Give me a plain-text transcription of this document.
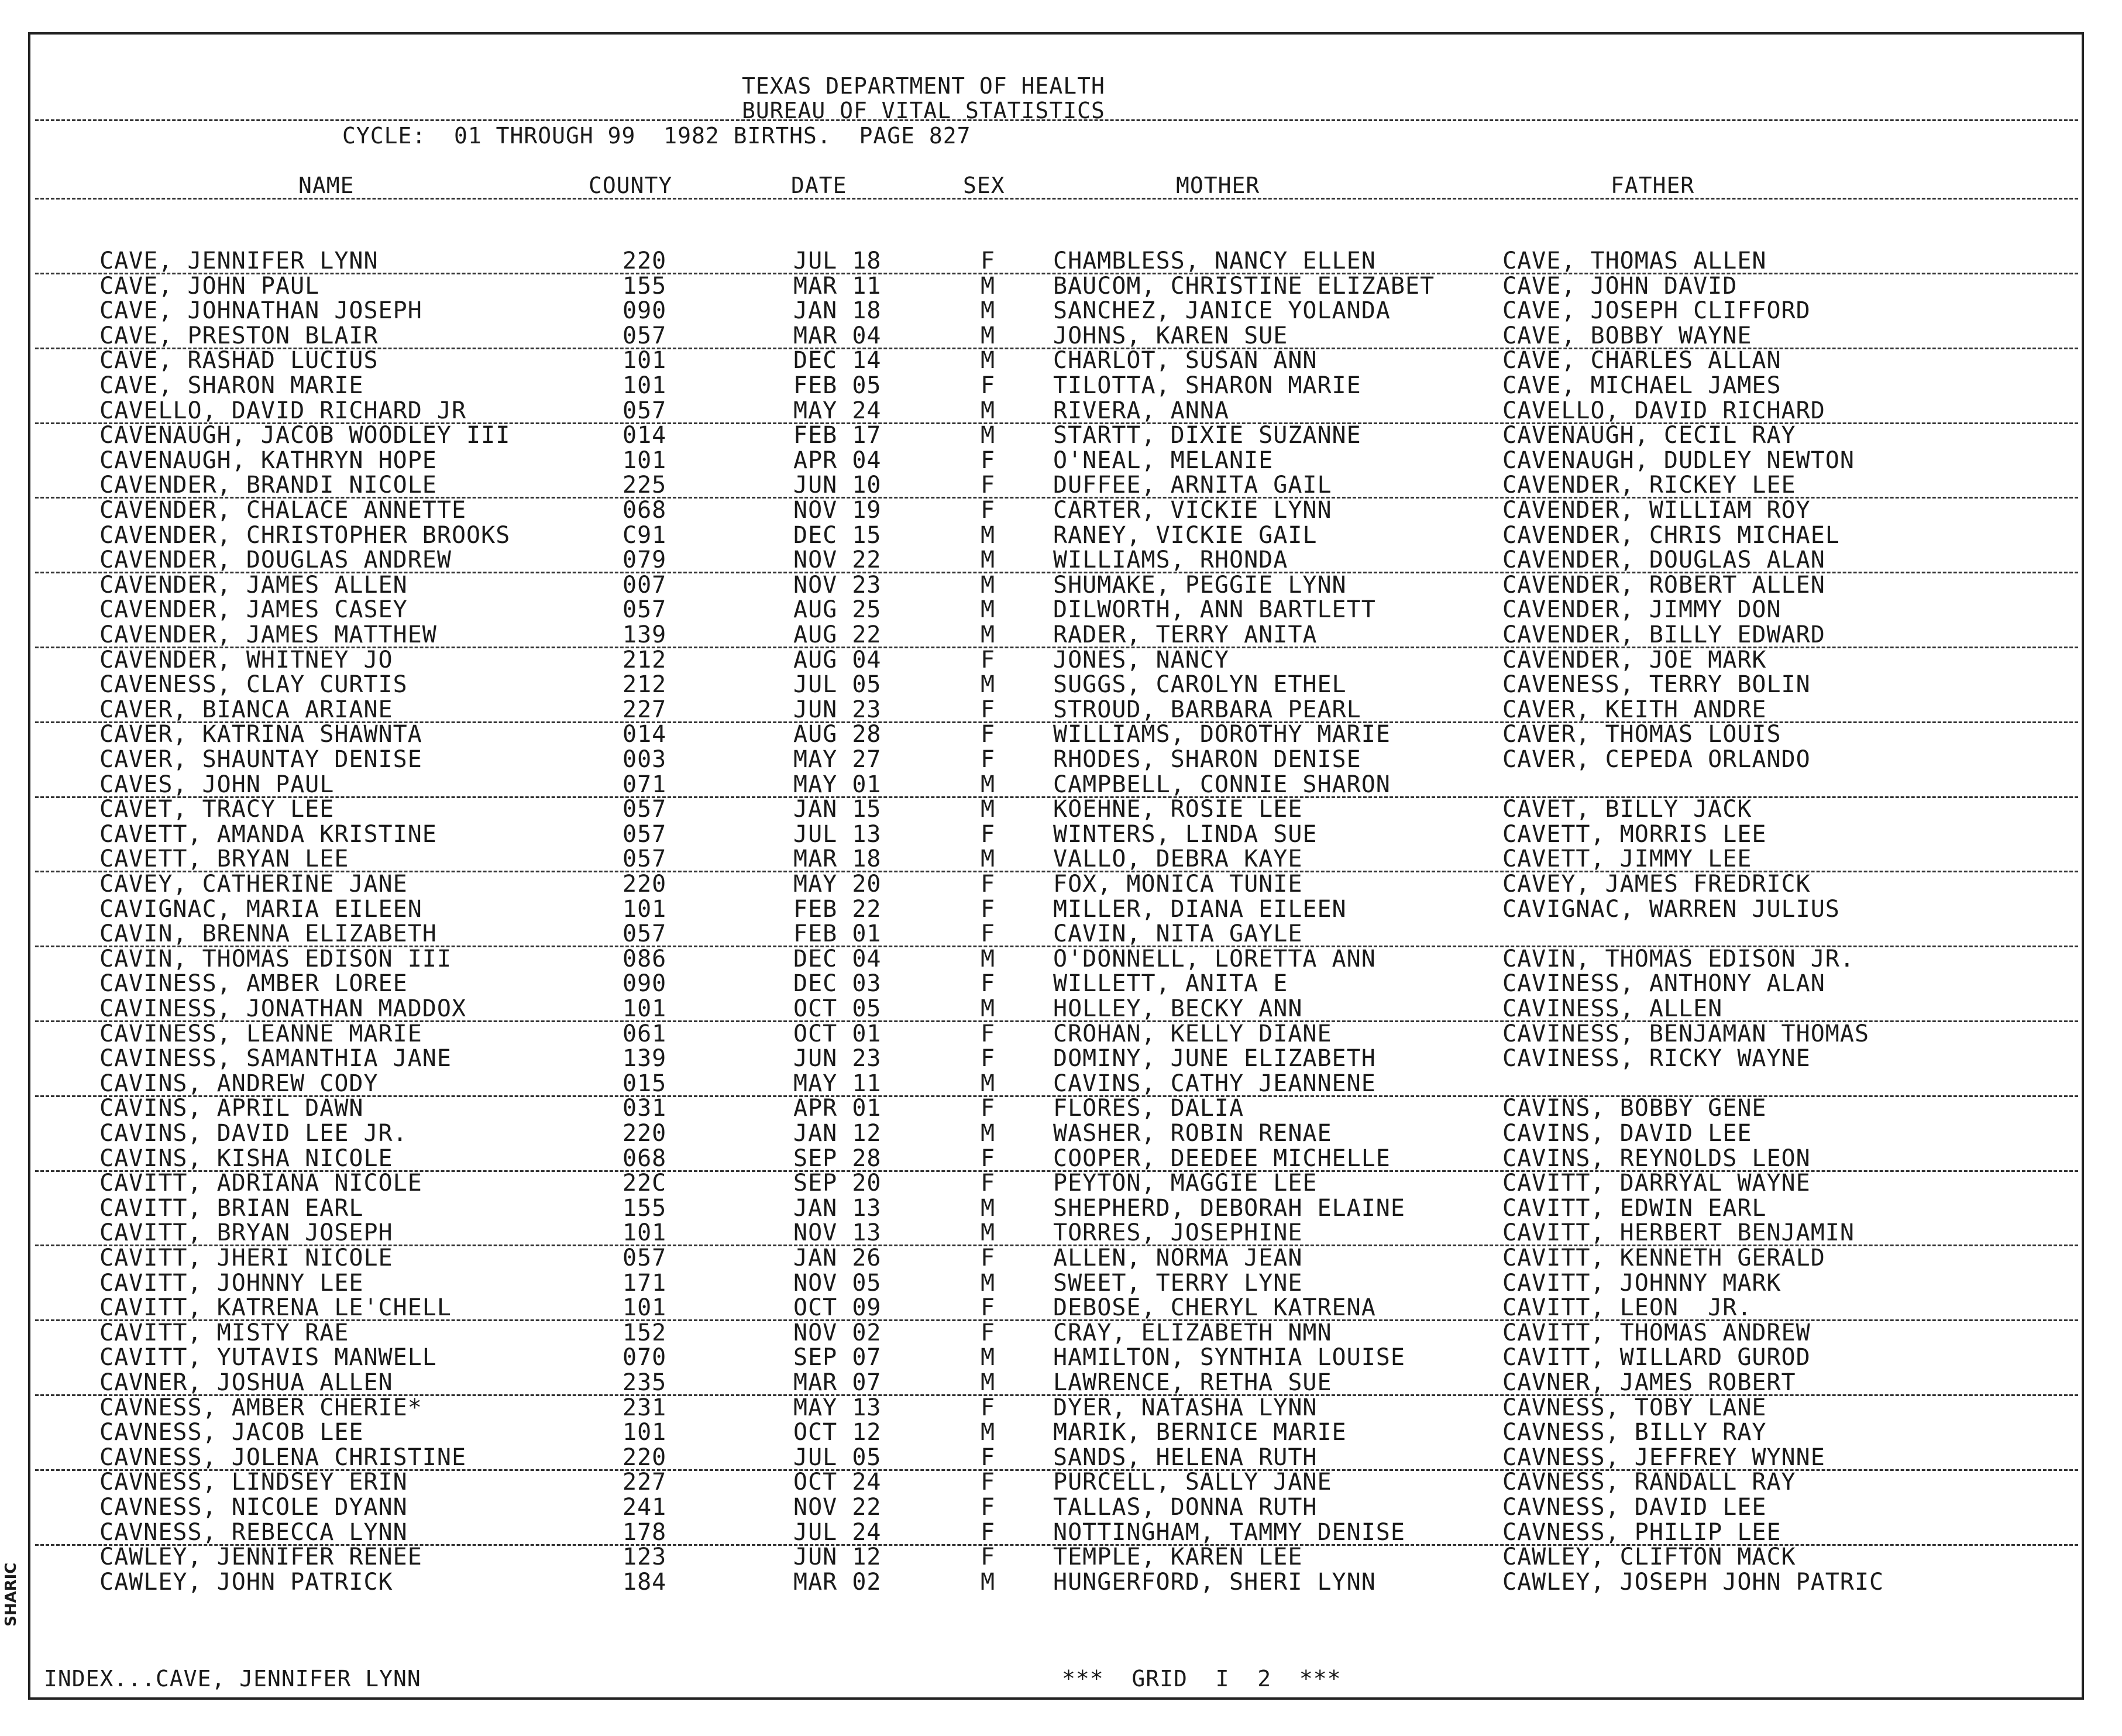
TEXAS DEPARTMENT OF HEALTH
BUREAU OF VITAL STATISTICS
CYCLE:  01 THROUGH 99  1982 BIRTHS.  PAGE 827
NAME	COUNTY	DATE	SEX	MOTHER	FATHER
CAVE, JENNIFER LYNN	220	JUL 18	F CHAMBLESS, NANCY ELLEN	CAVE, THOMAS ALLEN
CAVE, JOHN PAUL	155	MAR 11	M BAUCOM, CHRISTINE ELIZABET	CAVE, JOHN DAVID
CAVE, JOHNATHAN JOSEPH	090	JAN 18	M SANCHEZ, JANICE YOLANDA	CAVE, JOSEPH CLIFFORD
CAVE, PRESTON BLAIR	057	MAR 04	M JOHNS, KAREN SUE	CAVE, BOBBY WAYNE
CAVE, RASHAD LUCIUS	101	DEC 14	M CHARLOT, SUSAN ANN	CAVE, CHARLES ALLAN
CAVE, SHARON MARIE	101	FEB 05	F TILOTTA, SHARON MARIE	CAVE, MICHAEL JAMES
CAVELLO, DAVID RICHARD JR	057	MAY 24	M RIVERA, ANNA	CAVELLO, DAVID RICHARD
CAVENAUGH, JACOB WOODLEY III	014	FEB 17	M STARTT, DIXIE SUZANNE	CAVENAUGH, CECIL RAY
CAVENAUGH, KATHRYN HOPE	101	APR 04	F O'NEAL, MELANIE	CAVENAUGH, DUDLEY NEWTON
CAVENDER, BRANDI NICOLE	225	JUN 10	F DUFFEE, ARNITA GAIL	CAVENDER, RICKEY LEE
CAVENDER, CHALACE ANNETTE	068	NOV 19	F CARTER, VICKIE LYNN	CAVENDER, WILLIAM ROY
CAVENDER, CHRISTOPHER BROOKS	C91	DEC 15	M RANEY, VICKIE GAIL	CAVENDER, CHRIS MICHAEL
CAVENDER, DOUGLAS ANDREW	079	NOV 22	M WILLIAMS, RHONDA	CAVENDER, DOUGLAS ALAN
CAVENDER, JAMES ALLEN	007	NOV 23	M SHUMAKE, PEGGIE LYNN	CAVENDER, ROBERT ALLEN
CAVENDER, JAMES CASEY	057	AUG 25	M DILWORTH, ANN BARTLETT	CAVENDER, JIMMY DON
CAVENDER, JAMES MATTHEW	139	AUG 22	M RADER, TERRY ANITA	CAVENDER, BILLY EDWARD
CAVENDER, WHITNEY JO	212	AUG 04	F JONES, NANCY	CAVENDER, JOE MARK
CAVENESS, CLAY CURTIS	212	JUL 05	M SUGGS, CAROLYN ETHEL	CAVENESS, TERRY BOLIN
CAVER, BIANCA ARIANE	227	JUN 23	F STROUD, BARBARA PEARL	CAVER, KEITH ANDRE
CAVER, KATRINA SHAWNTA	014	AUG 28	F WILLIAMS, DOROTHY MARIE	CAVER, THOMAS LOUIS
CAVER, SHAUNTAY DENISE	003	MAY 27	F RHODES, SHARON DENISE	CAVER, CEPEDA ORLANDO
CAVES, JOHN PAUL	071	MAY 01	M CAMPBELL, CONNIE SHARON
CAVET, TRACY LEE	057	JAN 15	M KOEHNE, ROSIE LEE	CAVET, BILLY JACK
CAVETT, AMANDA KRISTINE	057	JUL 13	F WINTERS, LINDA SUE	CAVETT, MORRIS LEE
CAVETT, BRYAN LEE	057	MAR 18	M VALLO, DEBRA KAYE	CAVETT, JIMMY LEE
CAVEY, CATHERINE JANE	220	MAY 20	F FOX, MONICA TUNIE	CAVEY, JAMES FREDRICK
CAVIGNAC, MARIA EILEEN	101	FEB 22	F MILLER, DIANA EILEEN	CAVIGNAC, WARREN JULIUS
CAVIN, BRENNA ELIZABETH	057	FEB 01	F CAVIN, NITA GAYLE
CAVIN, THOMAS EDISON III	086	DEC 04	M O'DONNELL, LORETTA ANN	CAVIN, THOMAS EDISON JR.
CAVINESS, AMBER LOREE	090	DEC 03	F WILLETT, ANITA E	CAVINESS, ANTHONY ALAN
CAVINESS, JONATHAN MADDOX	101	OCT 05	M HOLLEY, BECKY ANN	CAVINESS, ALLEN
CAVINESS, LEANNE MARIE	061	OCT 01	F CROHAN, KELLY DIANE	CAVINESS, BENJAMAN THOMAS
CAVINESS, SAMANTHIA JANE	139	JUN 23	F DOMINY, JUNE ELIZABETH	CAVINESS, RICKY WAYNE
CAVINS, ANDREW CODY	015	MAY 11	M CAVINS, CATHY JEANNENE
CAVINS, APRIL DAWN	031	APR 01	F FLORES, DALIA	CAVINS, BOBBY GENE
CAVINS, DAVID LEE JR.	220	JAN 12	M WASHER, ROBIN RENAE	CAVINS, DAVID LEE
CAVINS, KISHA NICOLE	068	SEP 28	F COOPER, DEEDEE MICHELLE	CAVINS, REYNOLDS LEON
CAVITT, ADRIANA NICOLE	22C	SEP 20	F PEYTON, MAGGIE LEE	CAVITT, DARRYAL WAYNE
CAVITT, BRIAN EARL	155	JAN 13	M SHEPHERD, DEBORAH ELAINE	CAVITT, EDWIN EARL
CAVITT, BRYAN JOSEPH	101	NOV 13	M TORRES, JOSEPHINE	CAVITT, HERBERT BENJAMIN
CAVITT, JHERI NICOLE	057	JAN 26	F ALLEN, NORMA JEAN	CAVITT, KENNETH GERALD
CAVITT, JOHNNY LEE	171	NOV 05	M SWEET, TERRY LYNE	CAVITT, JOHNNY MARK
CAVITT, KATRENA LE'CHELL	101	OCT 09	F DEBOSE, CHERYL KATRENA	CAVITT, LEON  JR.
CAVITT, MISTY RAE	152	NOV 02	F CRAY, ELIZABETH NMN	CAVITT, THOMAS ANDREW
CAVITT, YUTAVIS MANWELL	070	SEP 07	M HAMILTON, SYNTHIA LOUISE	CAVITT, WILLARD GUROD
CAVNER, JOSHUA ALLEN	235	MAR 07	M LAWRENCE, RETHA SUE	CAVNER, JAMES ROBERT
CAVNESS, AMBER CHERIE*	231	MAY 13	F DYER, NATASHA LYNN	CAVNESS, TOBY LANE
CAVNESS, JACOB LEE	101	OCT 12	M MARIK, BERNICE MARIE	CAVNESS, BILLY RAY
CAVNESS, JOLENA CHRISTINE	220	JUL 05	F SANDS, HELENA RUTH	CAVNESS, JEFFREY WYNNE
CAVNESS, LINDSEY ERIN	227	OCT 24	F PURCELL, SALLY JANE	CAVNESS, RANDALL RAY
CAVNESS, NICOLE DYANN	241	NOV 22	F TALLAS, DONNA RUTH	CAVNESS, DAVID LEE
CAVNESS, REBECCA LYNN	178	JUL 24	F NOTTINGHAM, TAMMY DENISE	CAVNESS, PHILIP LEE
CAWLEY, JENNIFER RENEE	123	JUN 12	F TEMPLE, KAREN LEE	CAWLEY, CLIFTON MACK
CAWLEY, JOHN PATRICK	184	MAR 02	M HUNGERFORD, SHERI LYNN	CAWLEY, JOSEPH JOHN PATRIC
INDEX...CAVE, JENNIFER LYNN	***  GRID  I  2  ***
SHARIC
